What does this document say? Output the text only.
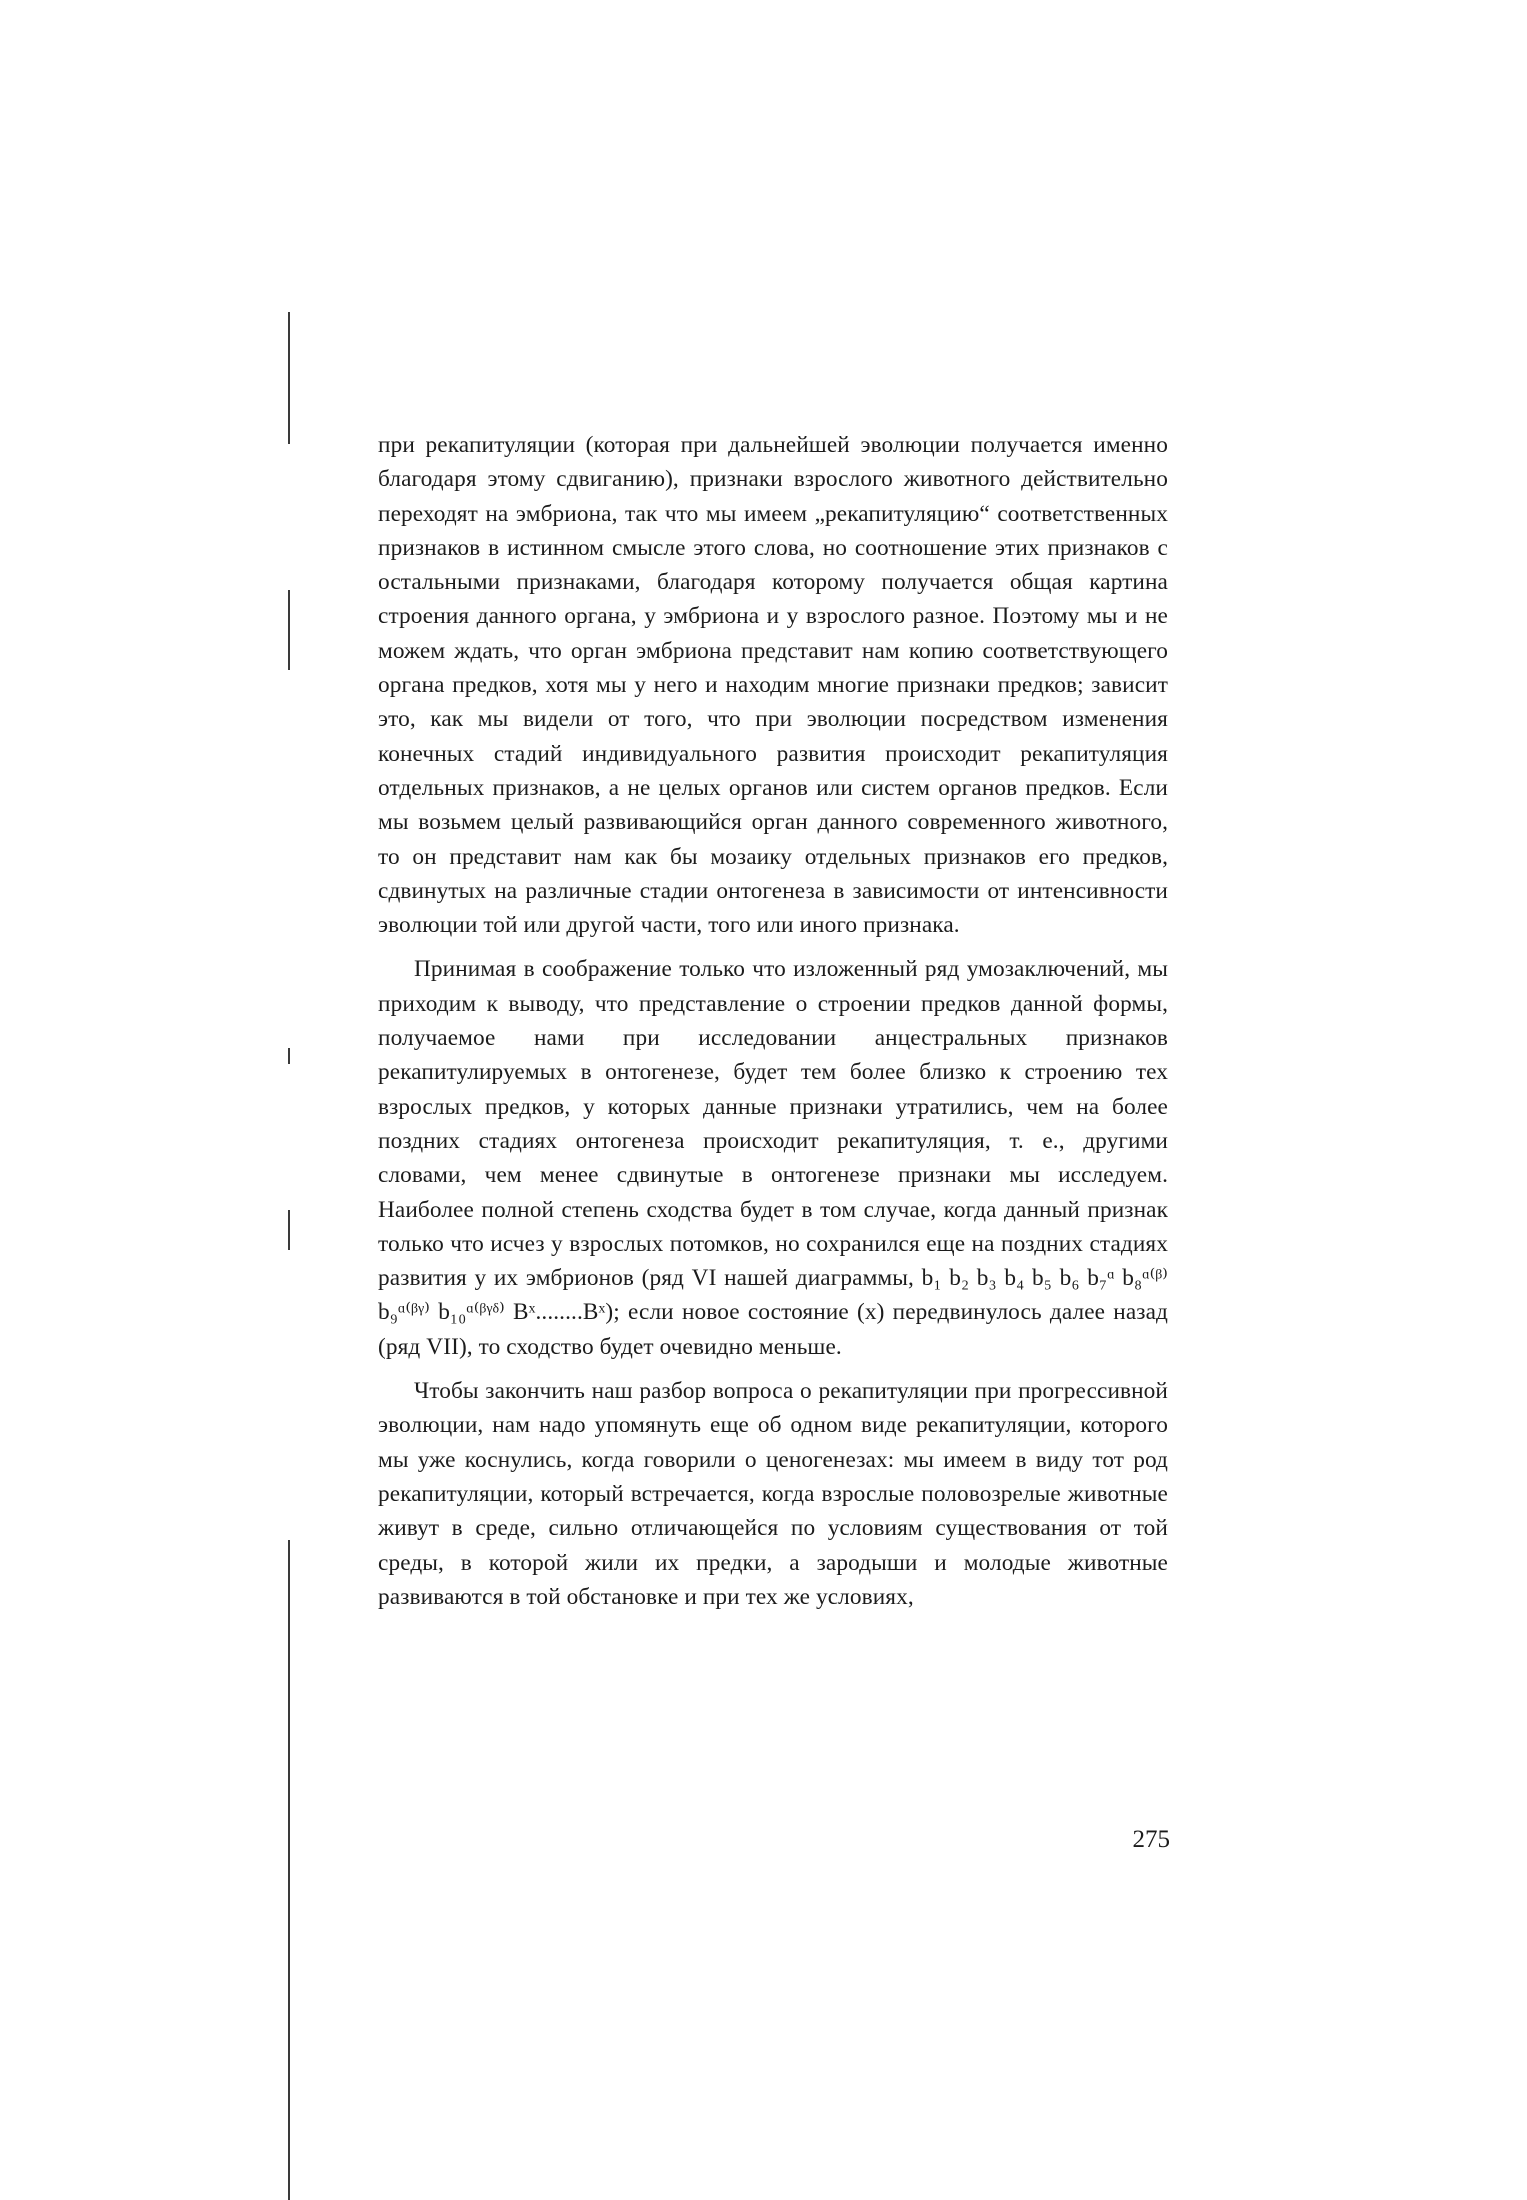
при рекапитуляции (которая при дальнейшей эволюции получается именно благодаря этому сдвиганию), признаки взрослого животного действительно переходят на эмбриона, так что мы имеем „рекапитуляцию“ соответственных признаков в истинном смысле этого слова, но соотношение этих признаков с остальными признаками, благодаря которому получается общая картина строения данного органа, у эмбриона и у взрослого разное. Поэтому мы и не можем ждать, что орган эмбриона представит нам копию соответствующего органа предков, хотя мы у него и находим многие признаки предков; зависит это, как мы видели от того, что при эволюции посредством изменения конечных стадий индивидуального развития происходит рекапитуляция отдельных признаков, а не целых органов или систем органов предков. Если мы возьмем целый развивающийся орган данного современного животного, то он представит нам как бы мозаику отдельных признаков его предков, сдвинутых на различные стадии онтогенеза в зависимости от интенсивности эволюции той или другой части, того или иного признака.

Принимая в соображение только что изложенный ряд умозаключений, мы приходим к выводу, что представление о строении предков данной формы, получаемое нами при исследовании анцестральных признаков рекапитулируемых в онтогенезе, будет тем более близко к строению тех взрослых предков, у которых данные признаки утратились, чем на более поздних стадиях онтогенеза происходит рекапитуляция, т. е., другими словами, чем менее сдвинутые в онтогенезе признаки мы исследуем. Наиболее полной степень сходства будет в том случае, когда данный признак только что исчез у взрослых потомков, но сохранился еще на поздних стадиях развития у их эмбрионов (ряд VI нашей диаграммы, b₁ b₂ b₃ b₄ b₅ b₆ b₇ᵅ b₈ᵅ⁽ᵝ⁾ b₉ᵅ⁽ᵝᵞ⁾ b₁₀ᵅ⁽ᵝᵞᵟ⁾ Bˣ........Bˣ); если новое состояние (x) передвинулось далее назад (ряд VII), то сходство будет очевидно меньше.

Чтобы закончить наш разбор вопроса о рекапитуляции при прогрессивной эволюции, нам надо упомянуть еще об одном виде рекапитуляции, которого мы уже коснулись, когда говорили о ценогенезах: мы имеем в виду тот род рекапитуляции, который встречается, когда взрослые половозрелые животные живут в среде, сильно отличающейся по условиям существования от той среды, в которой жили их предки, а зародыши и молодые животные развиваются в той обстановке и при тех же условиях,

275
